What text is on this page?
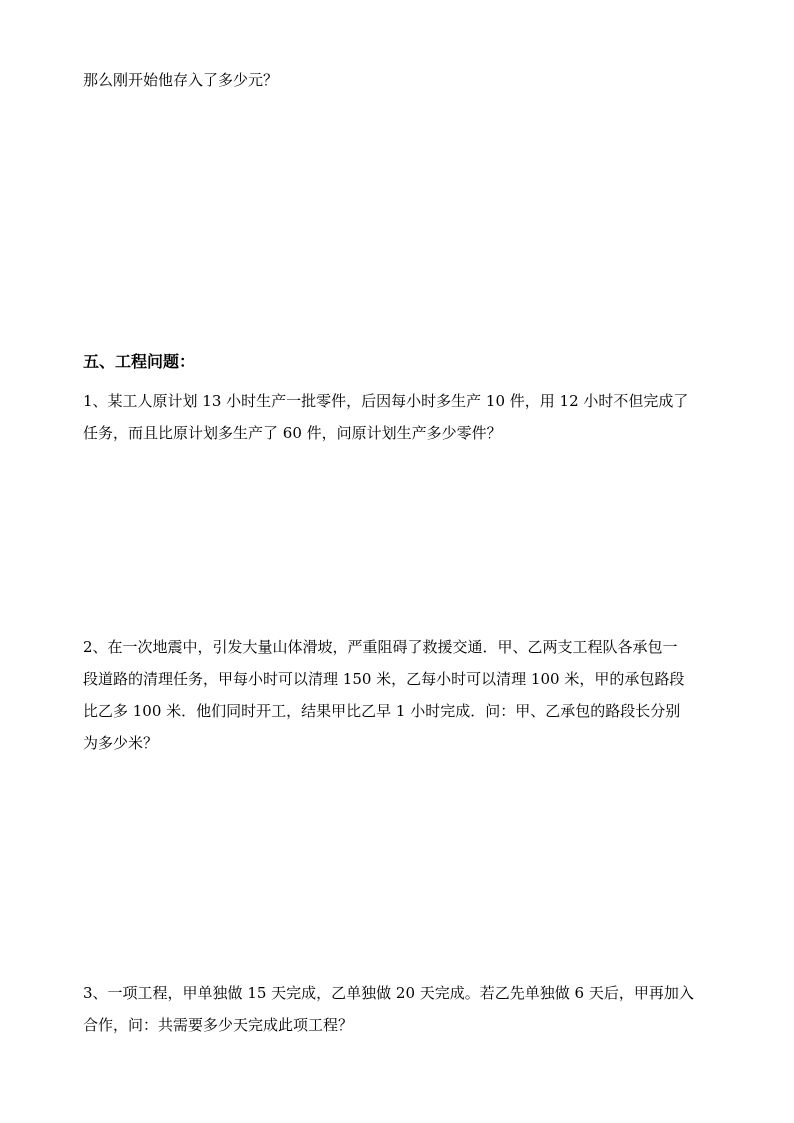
那么刚开始他存入了多少元？

五、工程问题：

1、某工人原计划 13 小时生产一批零件，后因每小时多生产 10 件，用 12 小时不但完成了
任务，而且比原计划多生产了 60 件，问原计划生产多少零件？

2、在一次地震中，引发大量山体滑坡，严重阻碍了救援交通．甲、乙两支工程队各承包一
段道路的清理任务，甲每小时可以清理 150 米，乙每小时可以清理 100 米，甲的承包路段
比乙多 100 米．他们同时开工，结果甲比乙早 1 小时完成．问：甲、乙承包的路段长分别
为多少米？

3、一项工程，甲单独做 15 天完成，乙单独做 20 天完成。若乙先单独做 6 天后，甲再加入
合作，问：共需要多少天完成此项工程？
